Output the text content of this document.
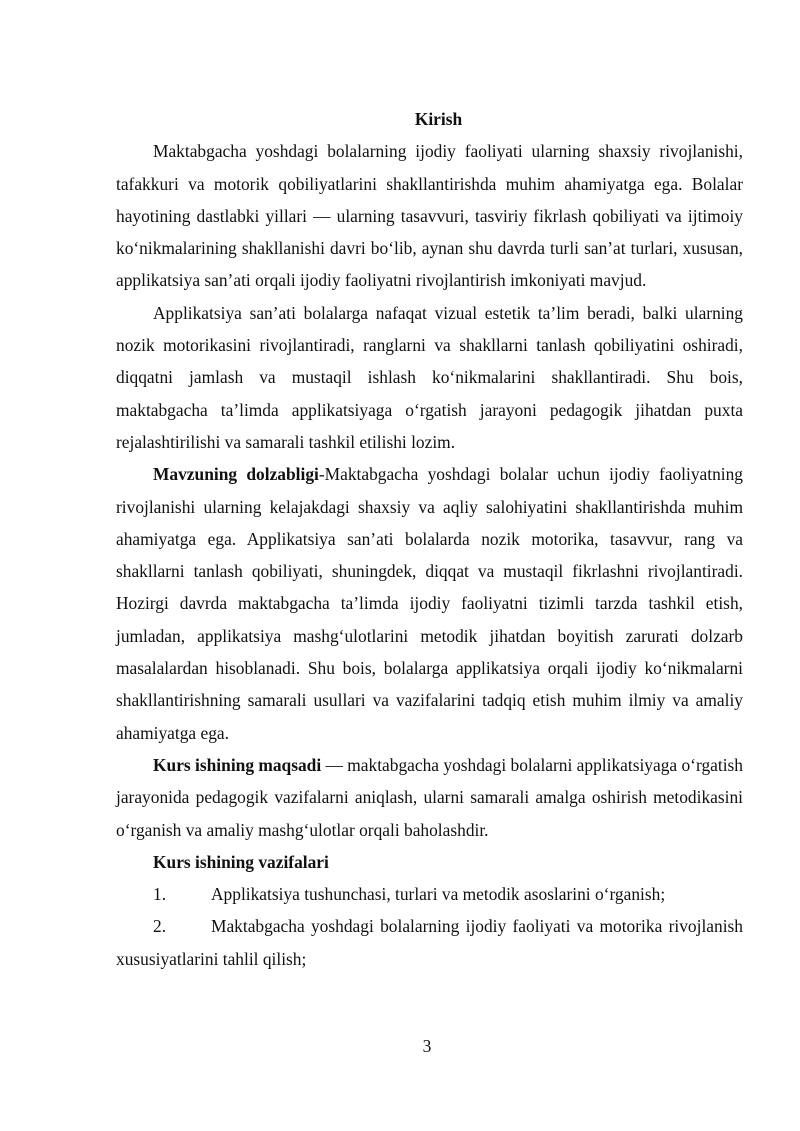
Kirish

Maktabgacha yoshdagi bolalarning ijodiy faoliyati ularning shaxsiy rivojlanishi, tafakkuri va motorik qobiliyatlarini shakllantirishda muhim ahamiyatga ega. Bolalar hayotining dastlabki yillari — ularning tasavvuri, tasviriy fikrlash qobiliyati va ijtimoiy ko‘nikmalarining shakllanishi davri bo‘lib, aynan shu davrda turli san’at turlari, xususan, applikatsiya san’ati orqali ijodiy faoliyatni rivojlantirish imkoniyati mavjud.

Applikatsiya san’ati bolalarga nafaqat vizual estetik ta’lim beradi, balki ularning nozik motorikasini rivojlantiradi, ranglarni va shakllarni tanlash qobiliyatini oshiradi, diqqatni jamlash va mustaqil ishlash ko‘nikmalarini shakllantiradi. Shu bois, maktabgacha ta’limda applikatsiyaga o‘rgatish jarayoni pedagogik jihatdan puxta rejalashtirilishi va samarali tashkil etilishi lozim.

Mavzuning dolzabligi-Maktabgacha yoshdagi bolalar uchun ijodiy faoliyatning rivojlanishi ularning kelajakdagi shaxsiy va aqliy salohiyatini shakllantirishda muhim ahamiyatga ega. Applikatsiya san’ati bolalarda nozik motorika, tasavvur, rang va shakllarni tanlash qobiliyati, shuningdek, diqqat va mustaqil fikrlashni rivojlantiradi. Hozirgi davrda maktabgacha ta’limda ijodiy faoliyatni tizimli tarzda tashkil etish, jumladan, applikatsiya mashg‘ulotlarini metodik jihatdan boyitish zarurati dolzarb masalalardan hisoblanadi. Shu bois, bolalarga applikatsiya orqali ijodiy ko‘nikmalarni shakllantirishning samarali usullari va vazifalarini tadqiq etish muhim ilmiy va amaliy ahamiyatga ega.

Kurs ishining maqsadi — maktabgacha yoshdagi bolalarni applikatsiyaga o‘rgatish jarayonida pedagogik vazifalarni aniqlash, ularni samarali amalga oshirish metodikasini o‘rganish va amaliy mashg‘ulotlar orqali baholashdir.

Kurs ishining vazifalari

1.	Applikatsiya tushunchasi, turlari va metodik asoslarini o‘rganish;

2.	Maktabgacha yoshdagi bolalarning ijodiy faoliyati va motorika rivojlanish xususiyatlarini tahlil qilish;

3
